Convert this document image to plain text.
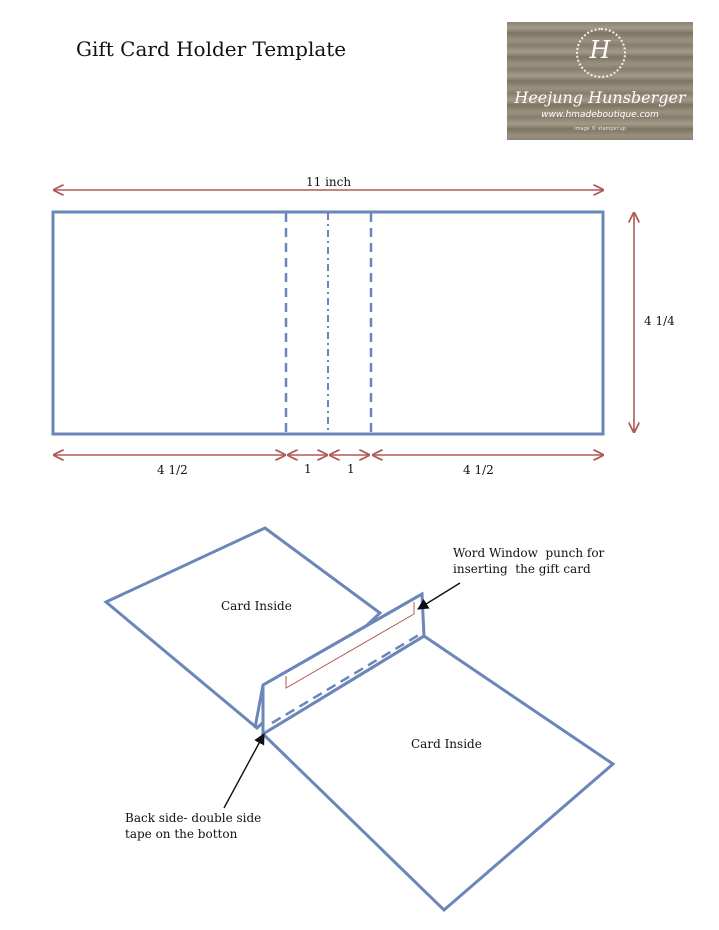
Gift Card Holder Template	H
Heejung Hunsberger
www.hmadeboutique.com
image © stampin'up
11 inch
4 1/4
4 1/2	1	1	4 1/2
Card Inside
Card Inside
Word Window  punch for
inserting  the gift card
Back side- double side
tape on the botton
